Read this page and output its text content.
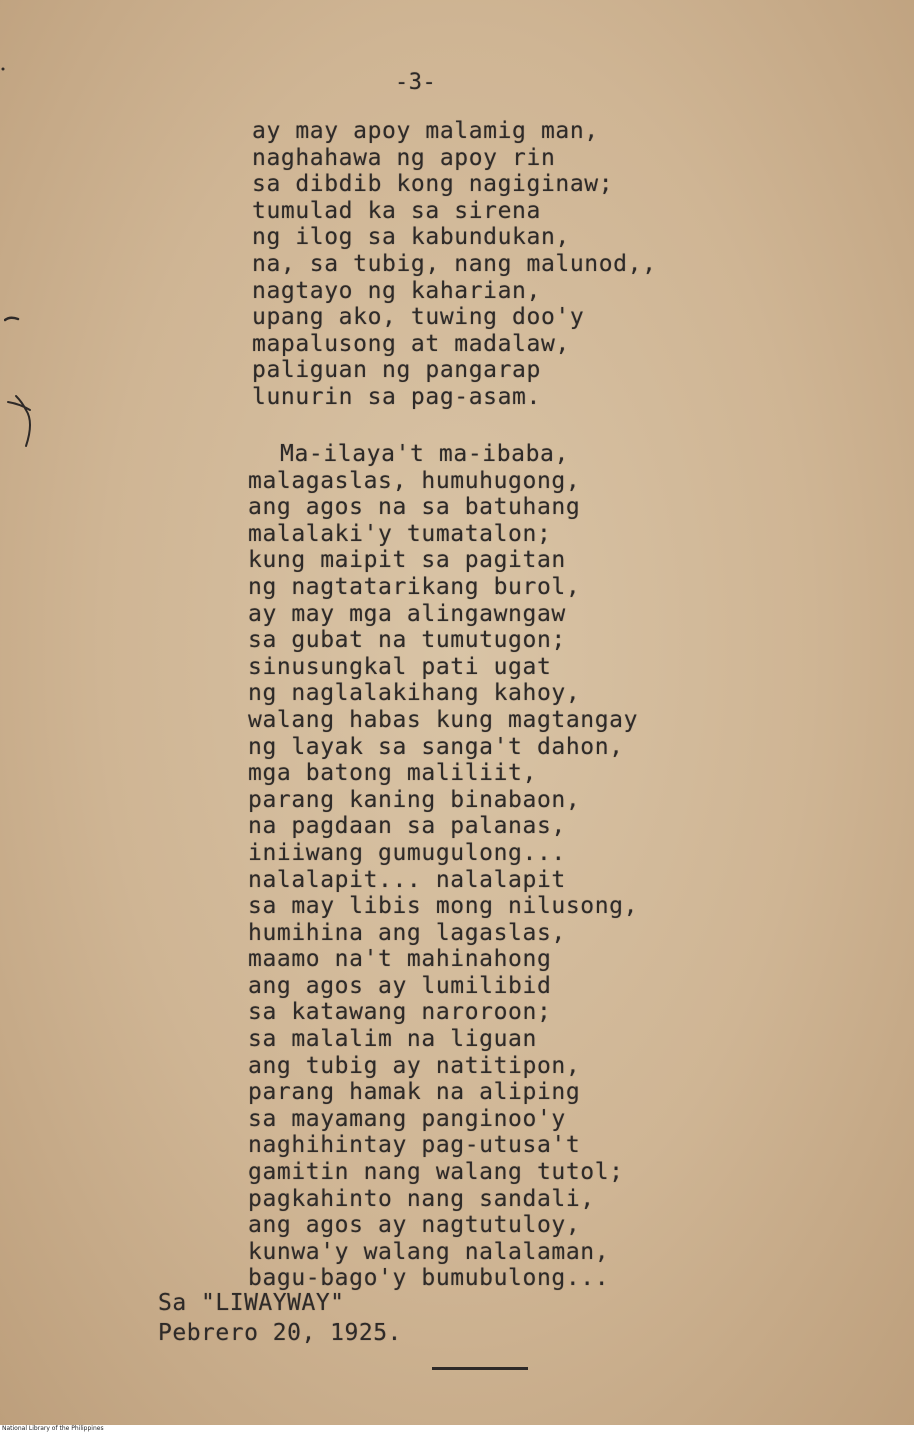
-3-
ay may apoy malamig man,
naghahawa ng apoy rin
sa dibdib kong nagiginaw;
tumulad ka sa sirena
ng ilog sa kabundukan,
na, sa tubig, nang malunod,,
nagtayo ng kaharian,
upang ako, tuwing doo'y
mapalusong at madalaw,
paliguan ng pangarap
lunurin sa pag-asam.
Ma-ilaya't ma-ibaba,
malagaslas, humuhugong,
ang agos na sa batuhang
malalaki'y tumatalon;
kung maipit sa pagitan
ng nagtatarikang burol,
ay may mga alingawngaw
sa gubat na tumutugon;
sinusungkal pati ugat
ng naglalakihang kahoy,
walang habas kung magtangay
ng layak sa sanga't dahon,
mga batong maliliit,
parang kaning binabaon,
na pagdaan sa palanas,
iniiwang gumugulong...
nalalapit... nalalapit
sa may libis mong nilusong,
humihina ang lagaslas,
maamo na't mahinahong
ang agos ay lumilibid
sa katawang naroroon;
sa malalim na liguan
ang tubig ay natitipon,
parang hamak na aliping
sa mayamang panginoo'y
naghihintay pag-utusa't
gamitin nang walang tutol;
pagkahinto nang sandali,
ang agos ay nagtutuloy,
kunwa'y walang nalalaman,
bagu-bago'y bumubulong...
Sa "LIWAYWAY"
Pebrero 20, 1925.
National Library of the Philippines
